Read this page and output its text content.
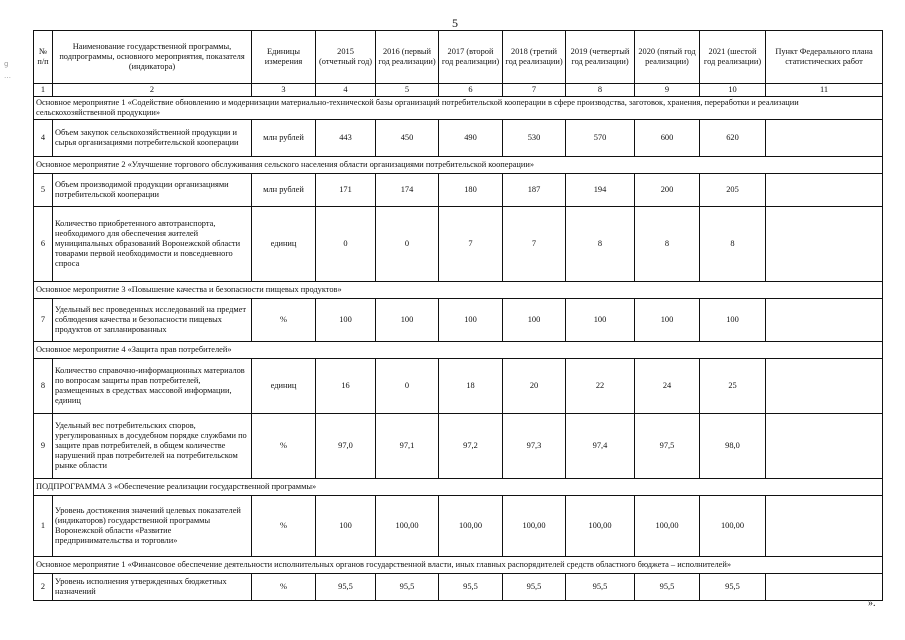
5
g
…
№ п/п	Наименование государственной программы, подпрограммы, основного мероприятия, показателя (индикатора)	Единицы измерения	2015 (отчетный год)	2016 (первый год реализации)	2017 (второй год реализации)	2018 (третий год реализации)	2019 (четвертый год реализации)	2020 (пятый год реализации)	2021 (шестой год реализации)	Пункт Федерального плана статистических работ
1	2	3	4	5	6	7	8	9	10	11
Основное мероприятие 1 «Содействие обновлению и модернизации материально-технической базы организаций потребительской кооперации в сфере производства, заготовок, хранения, переработки и реализации сельскохозяйственной продукции»										
4	Объем закупок сельскохозяйственной продукции и сырья организациями потребительской кооперации	млн рублей	443	450	490	530	570	600	620	
Основное мероприятие 2 «Улучшение торгового обслуживания сельского населения области организациями потребительской кооперации»										
5	Объем производимой продукции организациями потребительской кооперации	млн рублей	171	174	180	187	194	200	205	
6	Количество приобретенного автотранспорта, необходимого для обеспечения жителей муниципальных образований Воронежской области товарами первой необходимости и повседневного спроса	единиц	0	0	7	7	8	8	8	
Основное мероприятие 3 «Повышение качества и безопасности пищевых продуктов»										
7	Удельный вес проведенных исследований на предмет соблюдения качества и безопасности пищевых продуктов от запланированных	%	100	100	100	100	100	100	100	
Основное мероприятие 4 «Защита прав потребителей»										
8	Количество справочно-информационных материалов по вопросам защиты прав потребителей, размещенных в средствах массовой информации, единиц	единиц	16	0	18	20	22	24	25	
9	Удельный вес потребительских споров, урегулированных в досудебном порядке службами по защите прав потребителей, в общем количестве нарушений прав потребителей на потребительском рынке области	%	97,0	97,1	97,2	97,3	97,4	97,5	98,0	
ПОДПРОГРАММА 3 «Обеспечение реализации государственной программы»										
1	Уровень достижения значений целевых показателей (индикаторов) государственной программы Воронежской области «Развитие предпринимательства и торговли»	%	100	100,00	100,00	100,00	100,00	100,00	100,00	
Основное мероприятие 1 «Финансовое обеспечение деятельности исполнительных органов государственной власти, иных главных распорядителей средств областного бюджета – исполнителей»										
2	Уровень исполнения утвержденных бюджетных назначений	%	95,5	95,5	95,5	95,5	95,5	95,5	95,5	
».
